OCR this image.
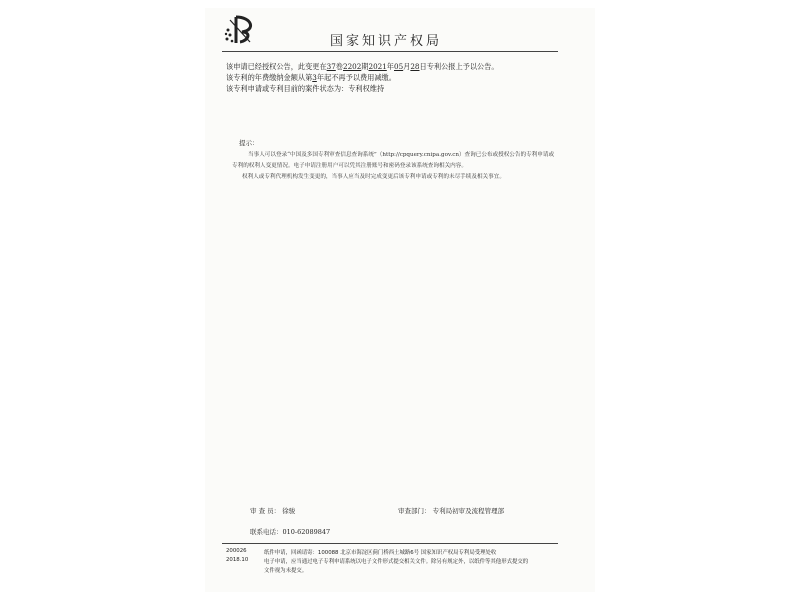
国家知识产权局
该申请已经授权公告，此变更在37卷2202期2021年05月28日专利公报上予以公告。
该专利的年费缴纳金额从第3年起不再予以费用减缴。
该专利申请或专利目前的案件状态为：专利权维持
提示：
当事人可以登录“中国及多国专利审查信息查询系统”（http://cpquery.cnipa.gov.cn）查询已公布或授权公告的专利申请或
专利的权利人变更情况。电子申请注册用户可以凭其注册账号和密码登录该系统查询相关内容。
权利人或专利代理机构发生变更的，当事人应当及时完成变更后该专利申请或专利的未尽手续及相关事宜。
审 查 员： 徐骏	审查部门： 专利局初审及流程管理部
联系电话：010-62089847
200026
2018.10
纸件申请，回函请寄：100088 北京市海淀区蓟门桥西土城路6号 国家知识产权局专利局受理处收
电子申请，应当通过电子专利申请系统以电子文件形式提交相关文件。除另有规定外，以纸件等其他形式提交的
文件视为未提交。
